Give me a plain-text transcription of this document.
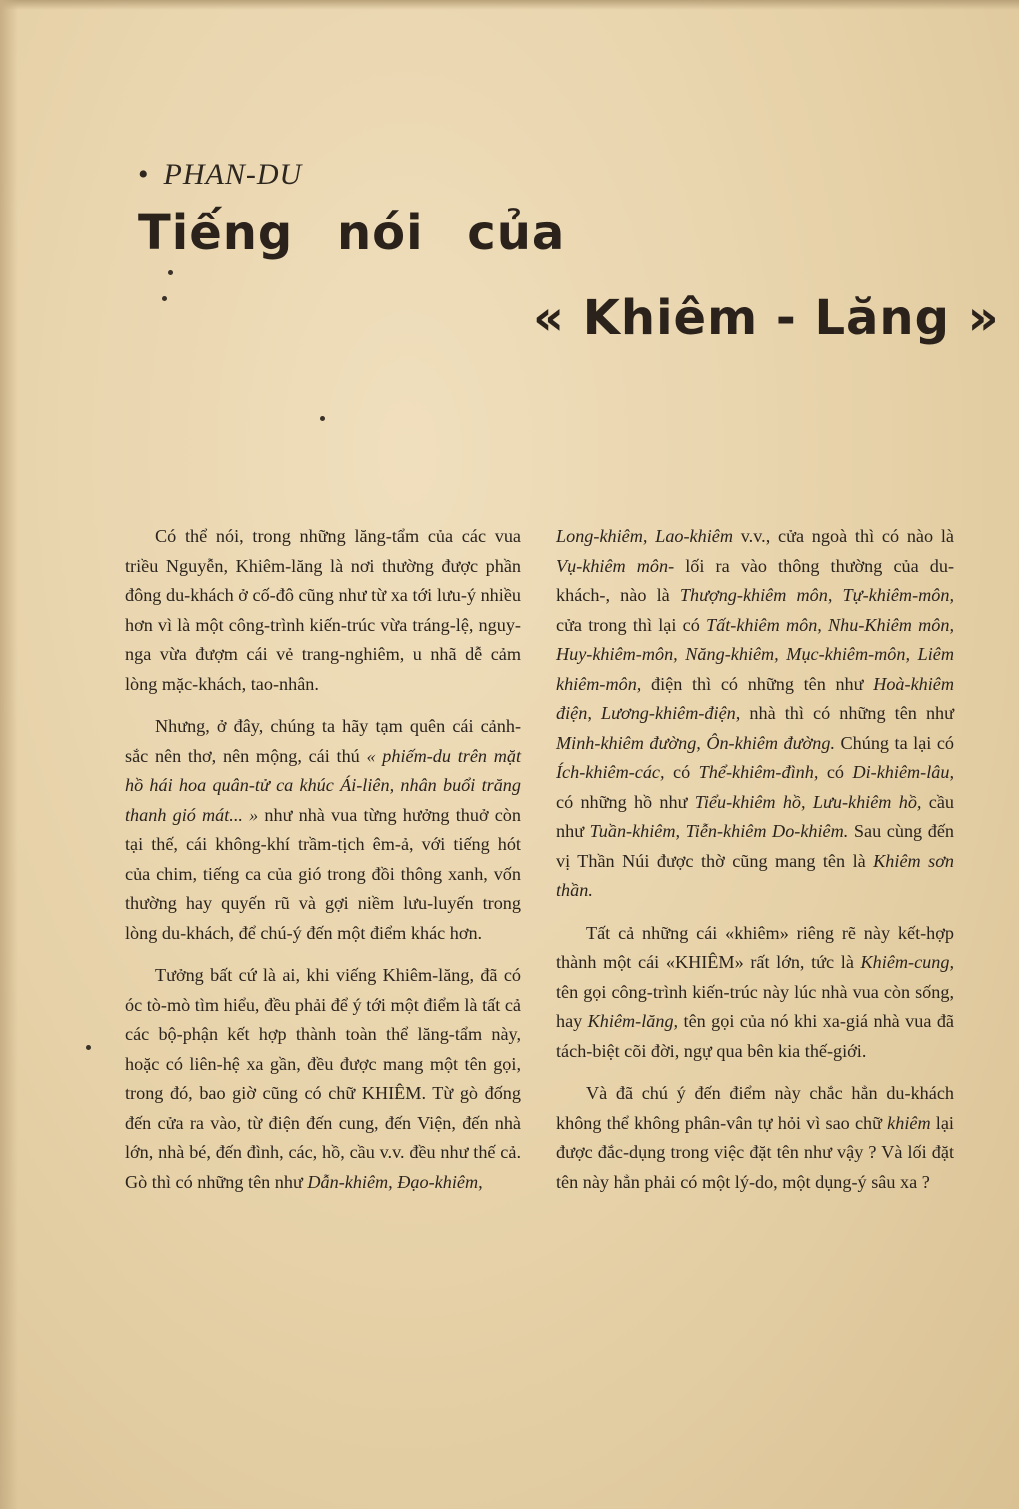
• PHAN-DU
Tiếng nói của
« Khiêm - Lăng »

Có thể nói, trong những lăng-tẩm của các vua triều Nguyễn, Khiêm-lăng là nơi thường được phần đông du-khách ở cố-đô cũng như từ xa tới lưu-ý nhiều hơn vì là một công-trình kiến-trúc vừa tráng-lệ, nguy-nga vừa đượm cái vẻ trang-nghiêm, u nhã dễ cảm lòng mặc-khách, tao-nhân.

Nhưng, ở đây, chúng ta hãy tạm quên cái cảnh-sắc nên thơ, nên mộng, cái thú « phiếm-du trên mặt hồ hái hoa quân-tử ca khúc Ái-liên, nhân buổi trăng thanh gió mát... » như nhà vua từng hưởng thuở còn tại thế, cái không-khí trầm-tịch êm-ả, với tiếng hót của chim, tiếng ca của gió trong đồi thông xanh, vốn thường hay quyến rũ và gợi niềm lưu-luyến trong lòng du-khách, để chú-ý đến một điểm khác hơn.

Tưởng bất cứ là ai, khi viếng Khiêm-lăng, đã có óc tò-mò tìm hiểu, đều phải để ý tới một điểm là tất cả các bộ-phận kết hợp thành toàn thể lăng-tẩm này, hoặc có liên-hệ xa gần, đều được mang một tên gọi, trong đó, bao giờ cũng có chữ KHIÊM. Từ gò đống đến cửa ra vào, từ điện đến cung, đến Viện, đến nhà lớn, nhà bé, đến đình, các, hồ, cầu v.v. đều như thế cả. Gò thì có những tên như Dẫn-khiêm, Đạo-khiêm,

Long-khiêm, Lao-khiêm v.v., cửa ngoà thì có nào là Vụ-khiêm môn- lối ra vào thông thường của du-khách-, nào là Thượng-khiêm môn, Tự-khiêm-môn, cửa trong thì lại có Tất-khiêm môn, Nhu-Khiêm môn, Huy-khiêm-môn, Năng-khiêm, Mục-khiêm-môn, Liêm khiêm-môn, điện thì có những tên như Hoà-khiêm điện, Lương-khiêm-điện, nhà thì có những tên như Minh-khiêm đường, Ôn-khiêm đường. Chúng ta lại có Ích-khiêm-các, có Thể-khiêm-đình, có Di-khiêm-lâu, có những hồ như Tiểu-khiêm hồ, Lưu-khiêm hồ, cầu như Tuần-khiêm, Tiễn-khiêm Do-khiêm. Sau cùng đến vị Thần Núi được thờ cũng mang tên là Khiêm sơn thần.

Tất cả những cái «khiêm» riêng rẽ này kết-hợp thành một cái «KHIÊM» rất lớn, tức là Khiêm-cung, tên gọi công-trình kiến-trúc này lúc nhà vua còn sống, hay Khiêm-lăng, tên gọi của nó khi xa-giá nhà vua đã tách-biệt cõi đời, ngự qua bên kia thế-giới.

Và đã chú ý đến điểm này chắc hẳn du-khách không thể không phân-vân tự hỏi vì sao chữ khiêm lại được đắc-dụng trong việc đặt tên như vậy ? Và lối đặt tên này hẳn phải có một lý-do, một dụng-ý sâu xa ?
